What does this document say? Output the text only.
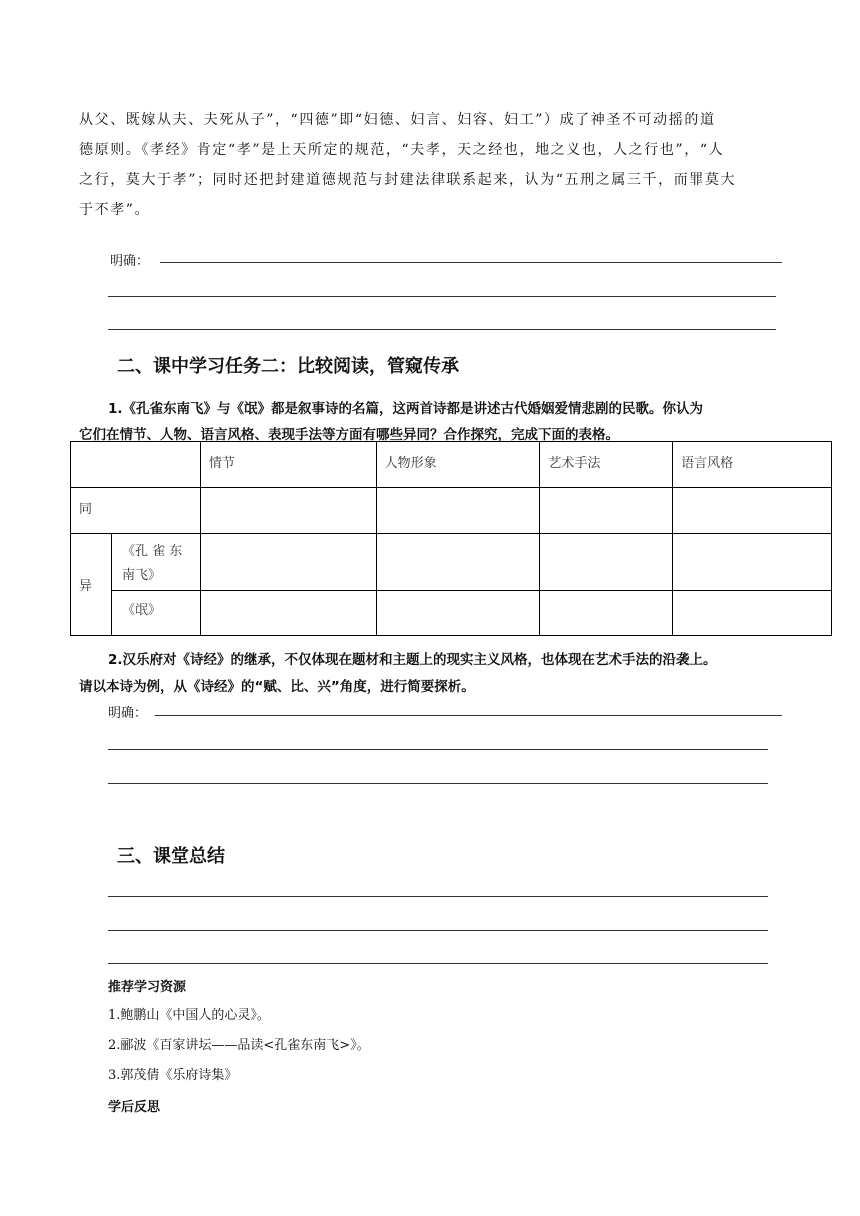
从父、既嫁从夫、夫死从子”，“四德”即“妇德、妇言、妇容、妇工”）成了神圣不可动摇的道

德原则。《孝经》肯定“孝”是上天所定的规范，“夫孝，天之经也，地之义也，人之行也”，“人

之行，莫大于孝”；同时还把封建道德规范与封建法律联系起来，认为“五刑之属三千，而罪莫大

于不孝”。

明确：
二、课中学习任务二：比较阅读，管窥传承
1.《孔雀东南飞》与《氓》都是叙事诗的名篇，这两首诗都是讲述古代婚姻爱情悲剧的民歌。你认为
它们在情节、人物、语言风格、表现手法等方面有哪些异同？合作探究，完成下面的表格。
		情节	人物形象	艺术手法	语言风格
同					
异	《孔 雀 东
南飞》				

	《氓》				
2.汉乐府对《诗经》的继承，不仅体现在题材和主题上的现实主义风格，也体现在艺术手法的沿袭上。
请以本诗为例，从《诗经》的“赋、比、兴”角度，进行简要探析。
明确：
三、课堂总结
推荐学习资源
1.鲍鹏山《中国人的心灵》。
2.郦波《百家讲坛——品读<孔雀东南飞>》。
3.郭茂倩《乐府诗集》
学后反思
